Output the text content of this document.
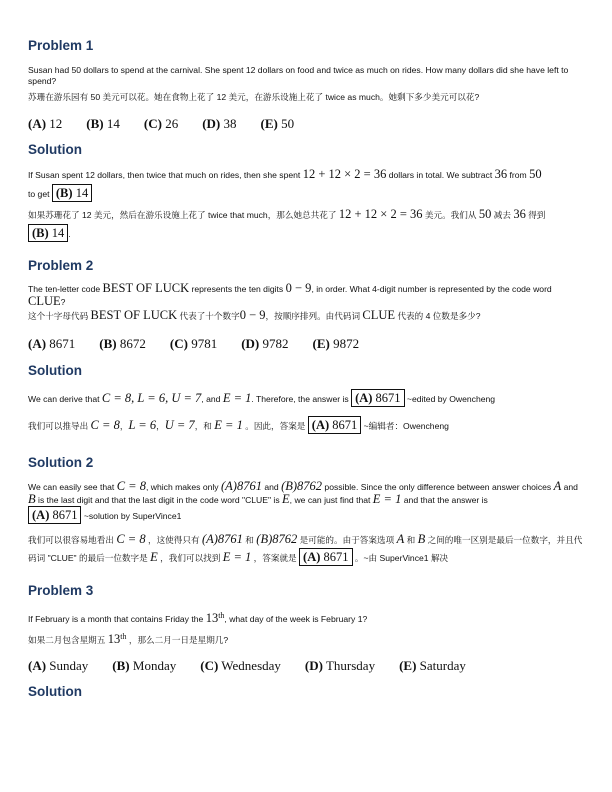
Problem 1

Susan had 50 dollars to spend at the carnival. She spent 12 dollars on food and twice as much on rides. How many dollars did she have left to spend?

苏珊在游乐园有 50 美元可以花。她在食物上花了 12 美元，在游乐设施上花了 twice as much。她剩下多少美元可以花?

(A) 12 (B) 14 (C) 26 (D) 38 (E) 50
Solution

If Susan spent 12 dollars, then twice that much on rides, then she spent 12 + 12 × 2 = 36 dollars in total. We subtract 36 from 50
to get (B) 14

如果苏珊花了 12 美元，然后在游乐设施上花了 twice that much，那么她总共花了 12 + 12 × 2 = 36 美元。我们从 50 减去 36 得到
(B) 14 .

Problem 2

The ten-letter code BEST OF LUCK represents the ten digits 0 − 9, in order. What 4-digit number is represented by the code word CLUE?

这个十字母代码 BEST OF LUCK 代表了十个数字0 − 9，按顺序排列。由代码词 CLUE 代表的 4 位数是多少?

(A) 8671 (B) 8672 (C) 9781 (D) 9782 (E) 9872
Solution

We can derive that C = 8, L = 6, U = 7, and E = 1. Therefore, the answer is (A) 8671 ~edited by Owencheng

我们可以推导出 C = 8，L = 6，U = 7，和 E = 1 。因此，答案是 (A) 8671 ~编辑者：Owencheng

Solution 2

We can easily see that C = 8, which makes only (A)8761 and (B)8762 possible. Since the only difference between answer choices A and B is the last digit and that the last digit in the code word "CLUE" is E, we can just find that E = 1 and that the answer is
(A) 8671 ~solution by SuperVince1

我们可以很容易地看出 C = 8 ，这使得只有 (A)8761 和 (B)8762 是可能的。由于答案选项 A 和 B 之间的唯一区别是最后一位数字，并且代码词 "CLUE" 的最后一位数字是 E ，我们可以找到 E = 1 ，答案就是 (A) 8671 。~由 SuperVince1 解决

Problem 3

If February is a month that contains Friday the 13th, what day of the week is February 1?

如果二月包含星期五 13th ，那么二月一日是星期几?

(A) Sunday (B) Monday (C) Wednesday (D) Thursday (E) Saturday
Solution
